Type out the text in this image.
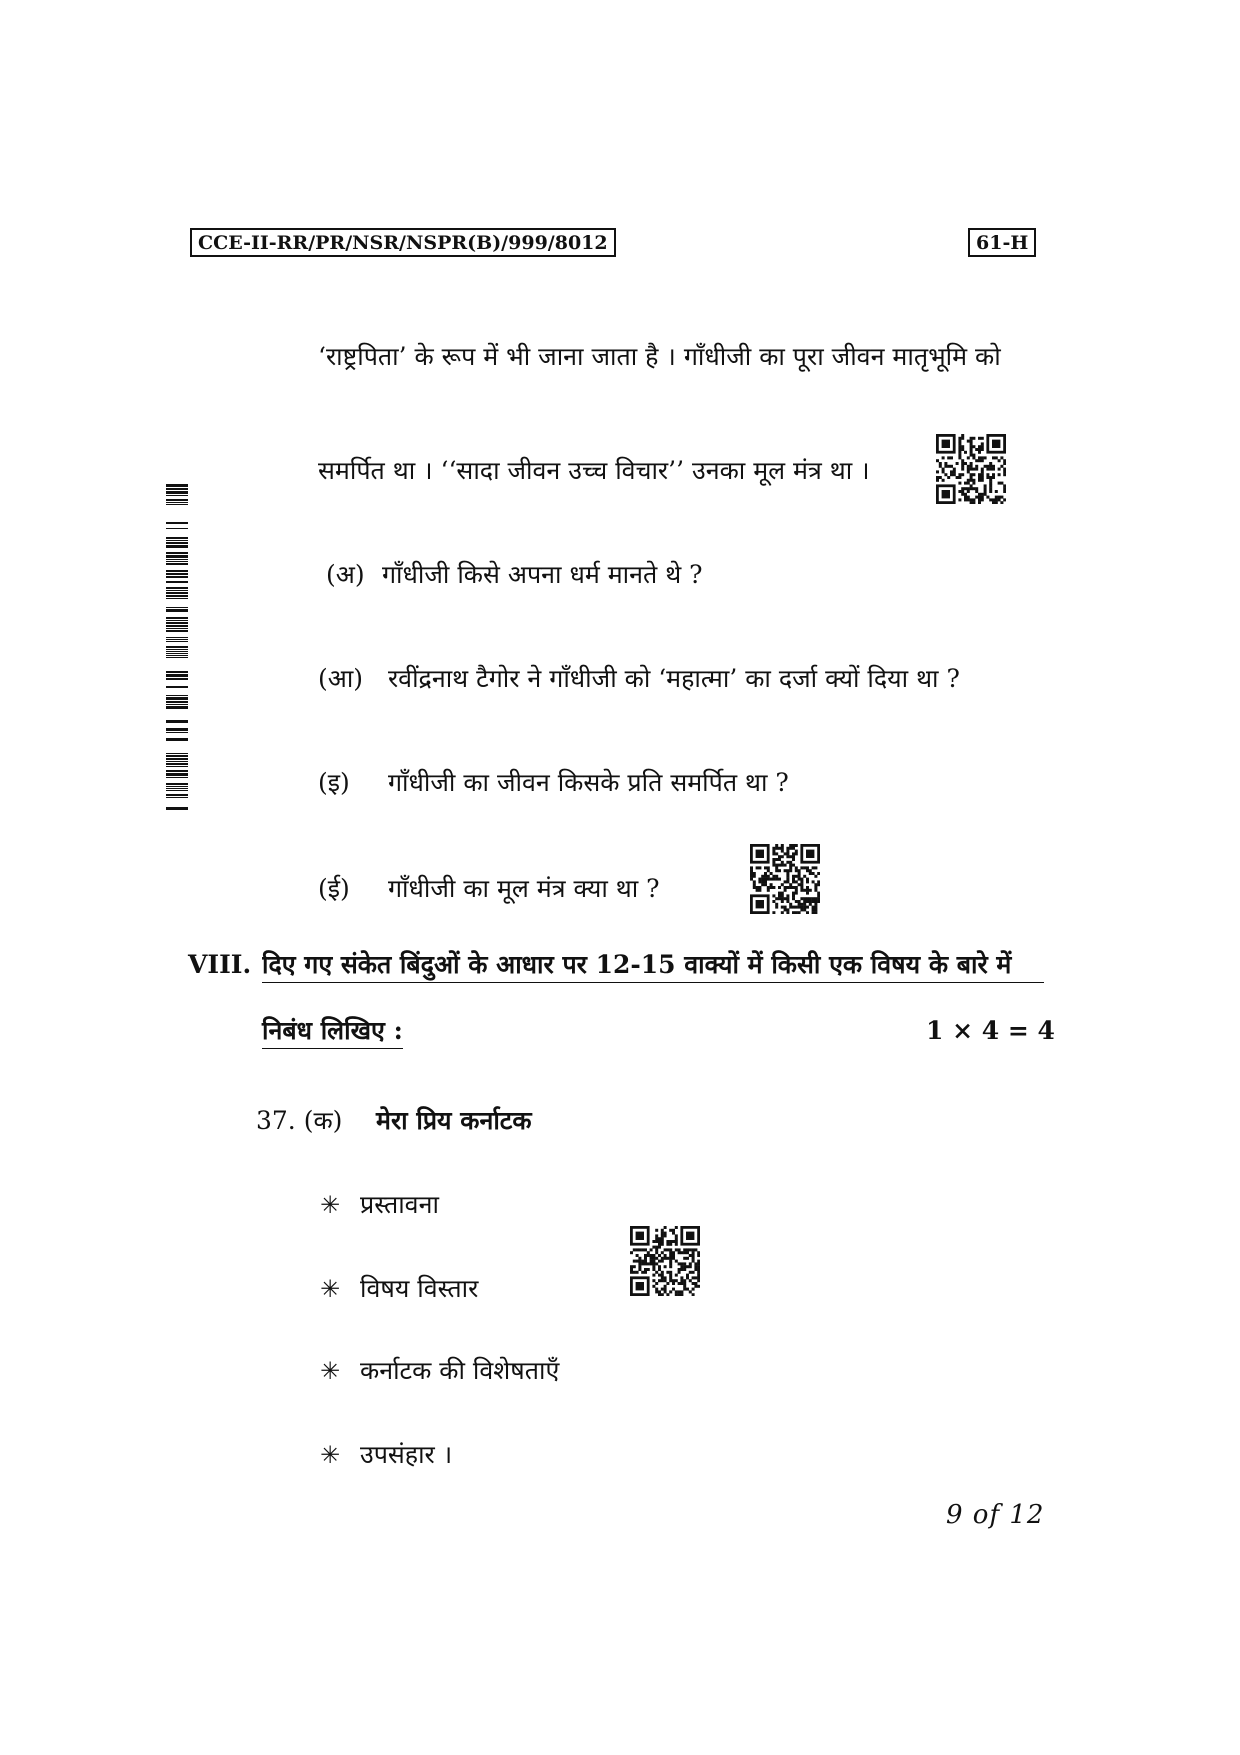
CCE-II-RR/PR/NSR/NSPR(B)/999/8012	61-H
‘राष्ट्रपिता’ के रूप में भी जाना जाता है । गाँधीजी का पूरा जीवन मातृभूमि को
समर्पित था । ‘‘सादा जीवन उच्च विचार’’ उनका मूल मंत्र था ।
(अ) गाँधीजी किसे अपना धर्म मानते थे ?
(आ) रवींद्रनाथ टैगोर ने गाँधीजी को ‘महात्मा’ का दर्जा क्यों दिया था ?
(इ) गाँधीजी का जीवन किसके प्रति समर्पित था ?
(ई) गाँधीजी का मूल मंत्र क्या था ?
VIII. दिए गए संकेत बिंदुओं के आधार पर 12-15 वाक्यों में किसी एक विषय के बारे में
निबंध लिखिए :	1 × 4 = 4
37. (क) मेरा प्रिय कर्नाटक
✳ प्रस्तावना
✳ विषय विस्तार
✳ कर्नाटक की विशेषताएँ
✳ उपसंहार ।
9 of 12
